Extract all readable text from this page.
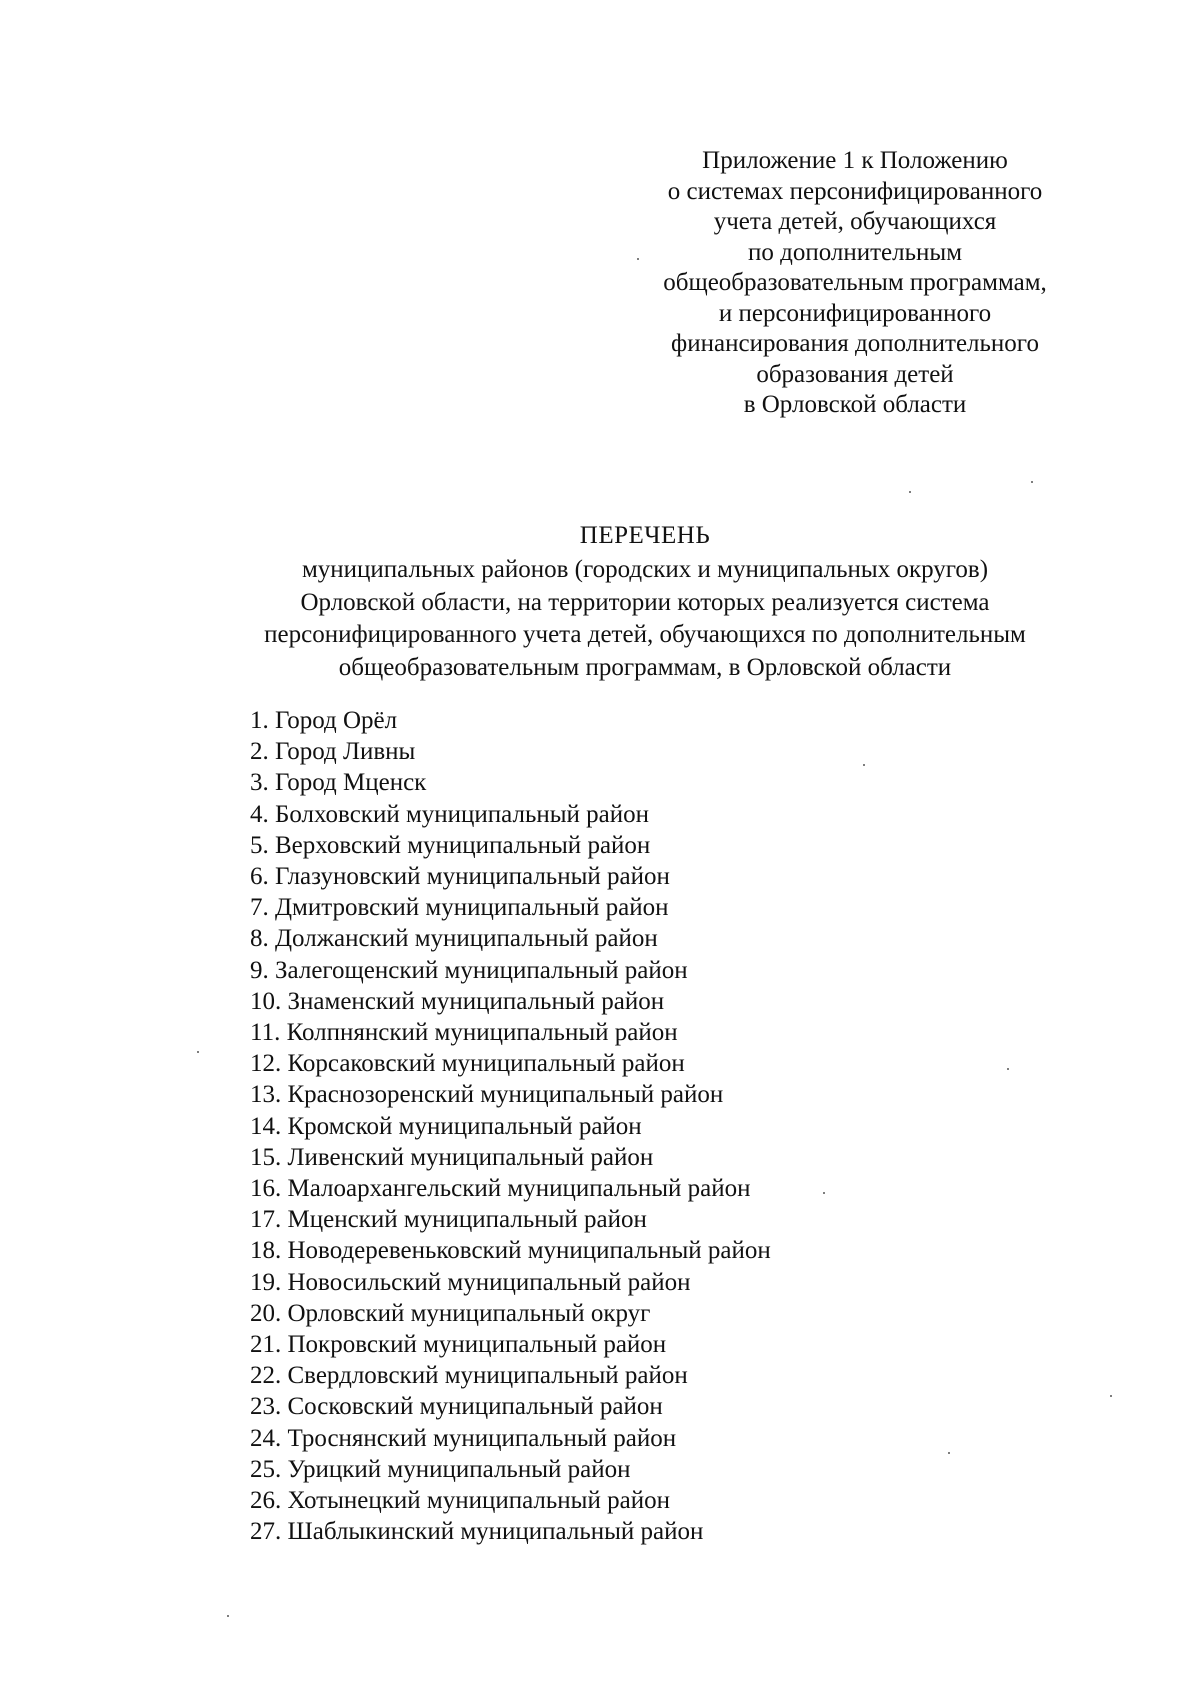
Приложение 1 к Положению
о системах персонифицированного
учета детей, обучающихся
по дополнительным
общеобразовательным программам,
и персонифицированного
финансирования дополнительного
образования детей
в Орловской области
ПЕРЕЧЕНЬ
муниципальных районов (городских и муниципальных округов)
Орловской области, на территории которых реализуется система
персонифицированного учета детей, обучающихся по дополнительным
общеобразовательным программам, в Орловской области
1. Город Орёл
2. Город Ливны
3. Город Мценск
4. Болховский муниципальный район
5. Верховский муниципальный район
6. Глазуновский муниципальный район
7. Дмитровский муниципальный район
8. Должанский муниципальный район
9. Залегощенский муниципальный район
10. Знаменский муниципальный район
11. Колпнянский муниципальный район
12. Корсаковский муниципальный район
13. Краснозоренский муниципальный район
14. Кромской муниципальный район
15. Ливенский муниципальный район
16. Малоархангельский муниципальный район
17. Мценский муниципальный район
18. Новодеревеньковский муниципальный район
19. Новосильский муниципальный район
20. Орловский муниципальный округ
21. Покровский муниципальный район
22. Свердловский муниципальный район
23. Сосковский муниципальный район
24. Троснянский муниципальный район
25. Урицкий муниципальный район
26. Хотынецкий муниципальный район
27. Шаблыкинский муниципальный район
